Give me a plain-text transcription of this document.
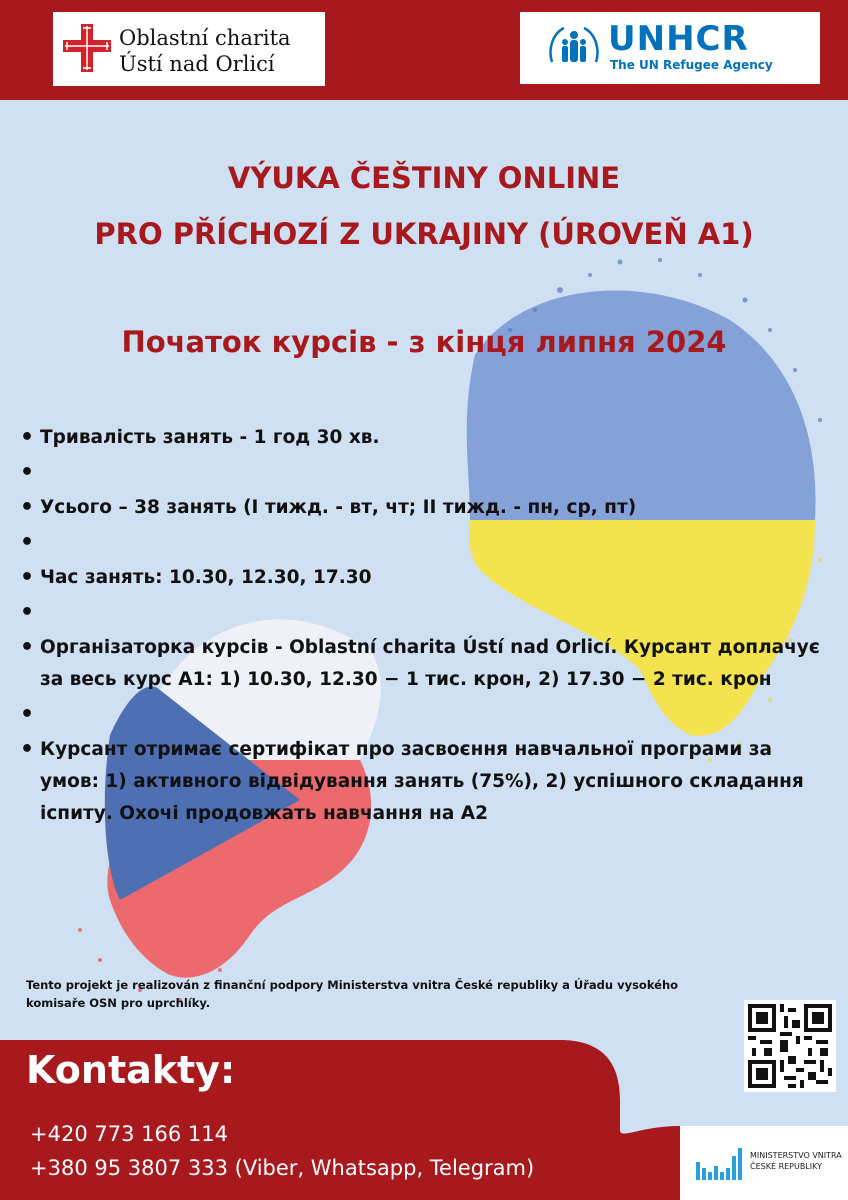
Oblastní charita
Ústí nad Orlicí
UNHCR
The UN Refugee Agency
VÝUKA ČEŠTINY ONLINE
PRO PŘÍCHOZÍ Z UKRAJINY (ÚROVEŇ A1)
Початок курсів - з кінця липня 2024
• Тривалість занять - 1 год 30 хв.
•
• Усього – 38 занять (I тижд. - вт, чт; II тижд. - пн, ср, пт)
•
• Час занять: 10.30, 12.30, 17.30
•
• Організаторка курсів - Oblastní charita Ústí nad Orlicí. Курсант доплачує за весь курс А1: 1) 10.30, 12.30 − 1 тис. крон, 2) 17.30 − 2 тис. крон
•
• Курсант отримає сертифікат про засвоєння навчальної програми за умов: 1) активного відвідування занять (75%), 2) успішного складання іспиту. Охочі продовжать навчання на А2
Tento projekt je realizován z finanční podpory Ministerstva vnitra České republiky a Úřadu vysokého komisaře OSN pro uprchlíky.
Kontakty:
+420 773 166 114
+380 95 3807 333 (Viber, Whatsapp, Telegram)
MINISTERSTVO VNITRA
ČESKÉ REPUBLIKY
